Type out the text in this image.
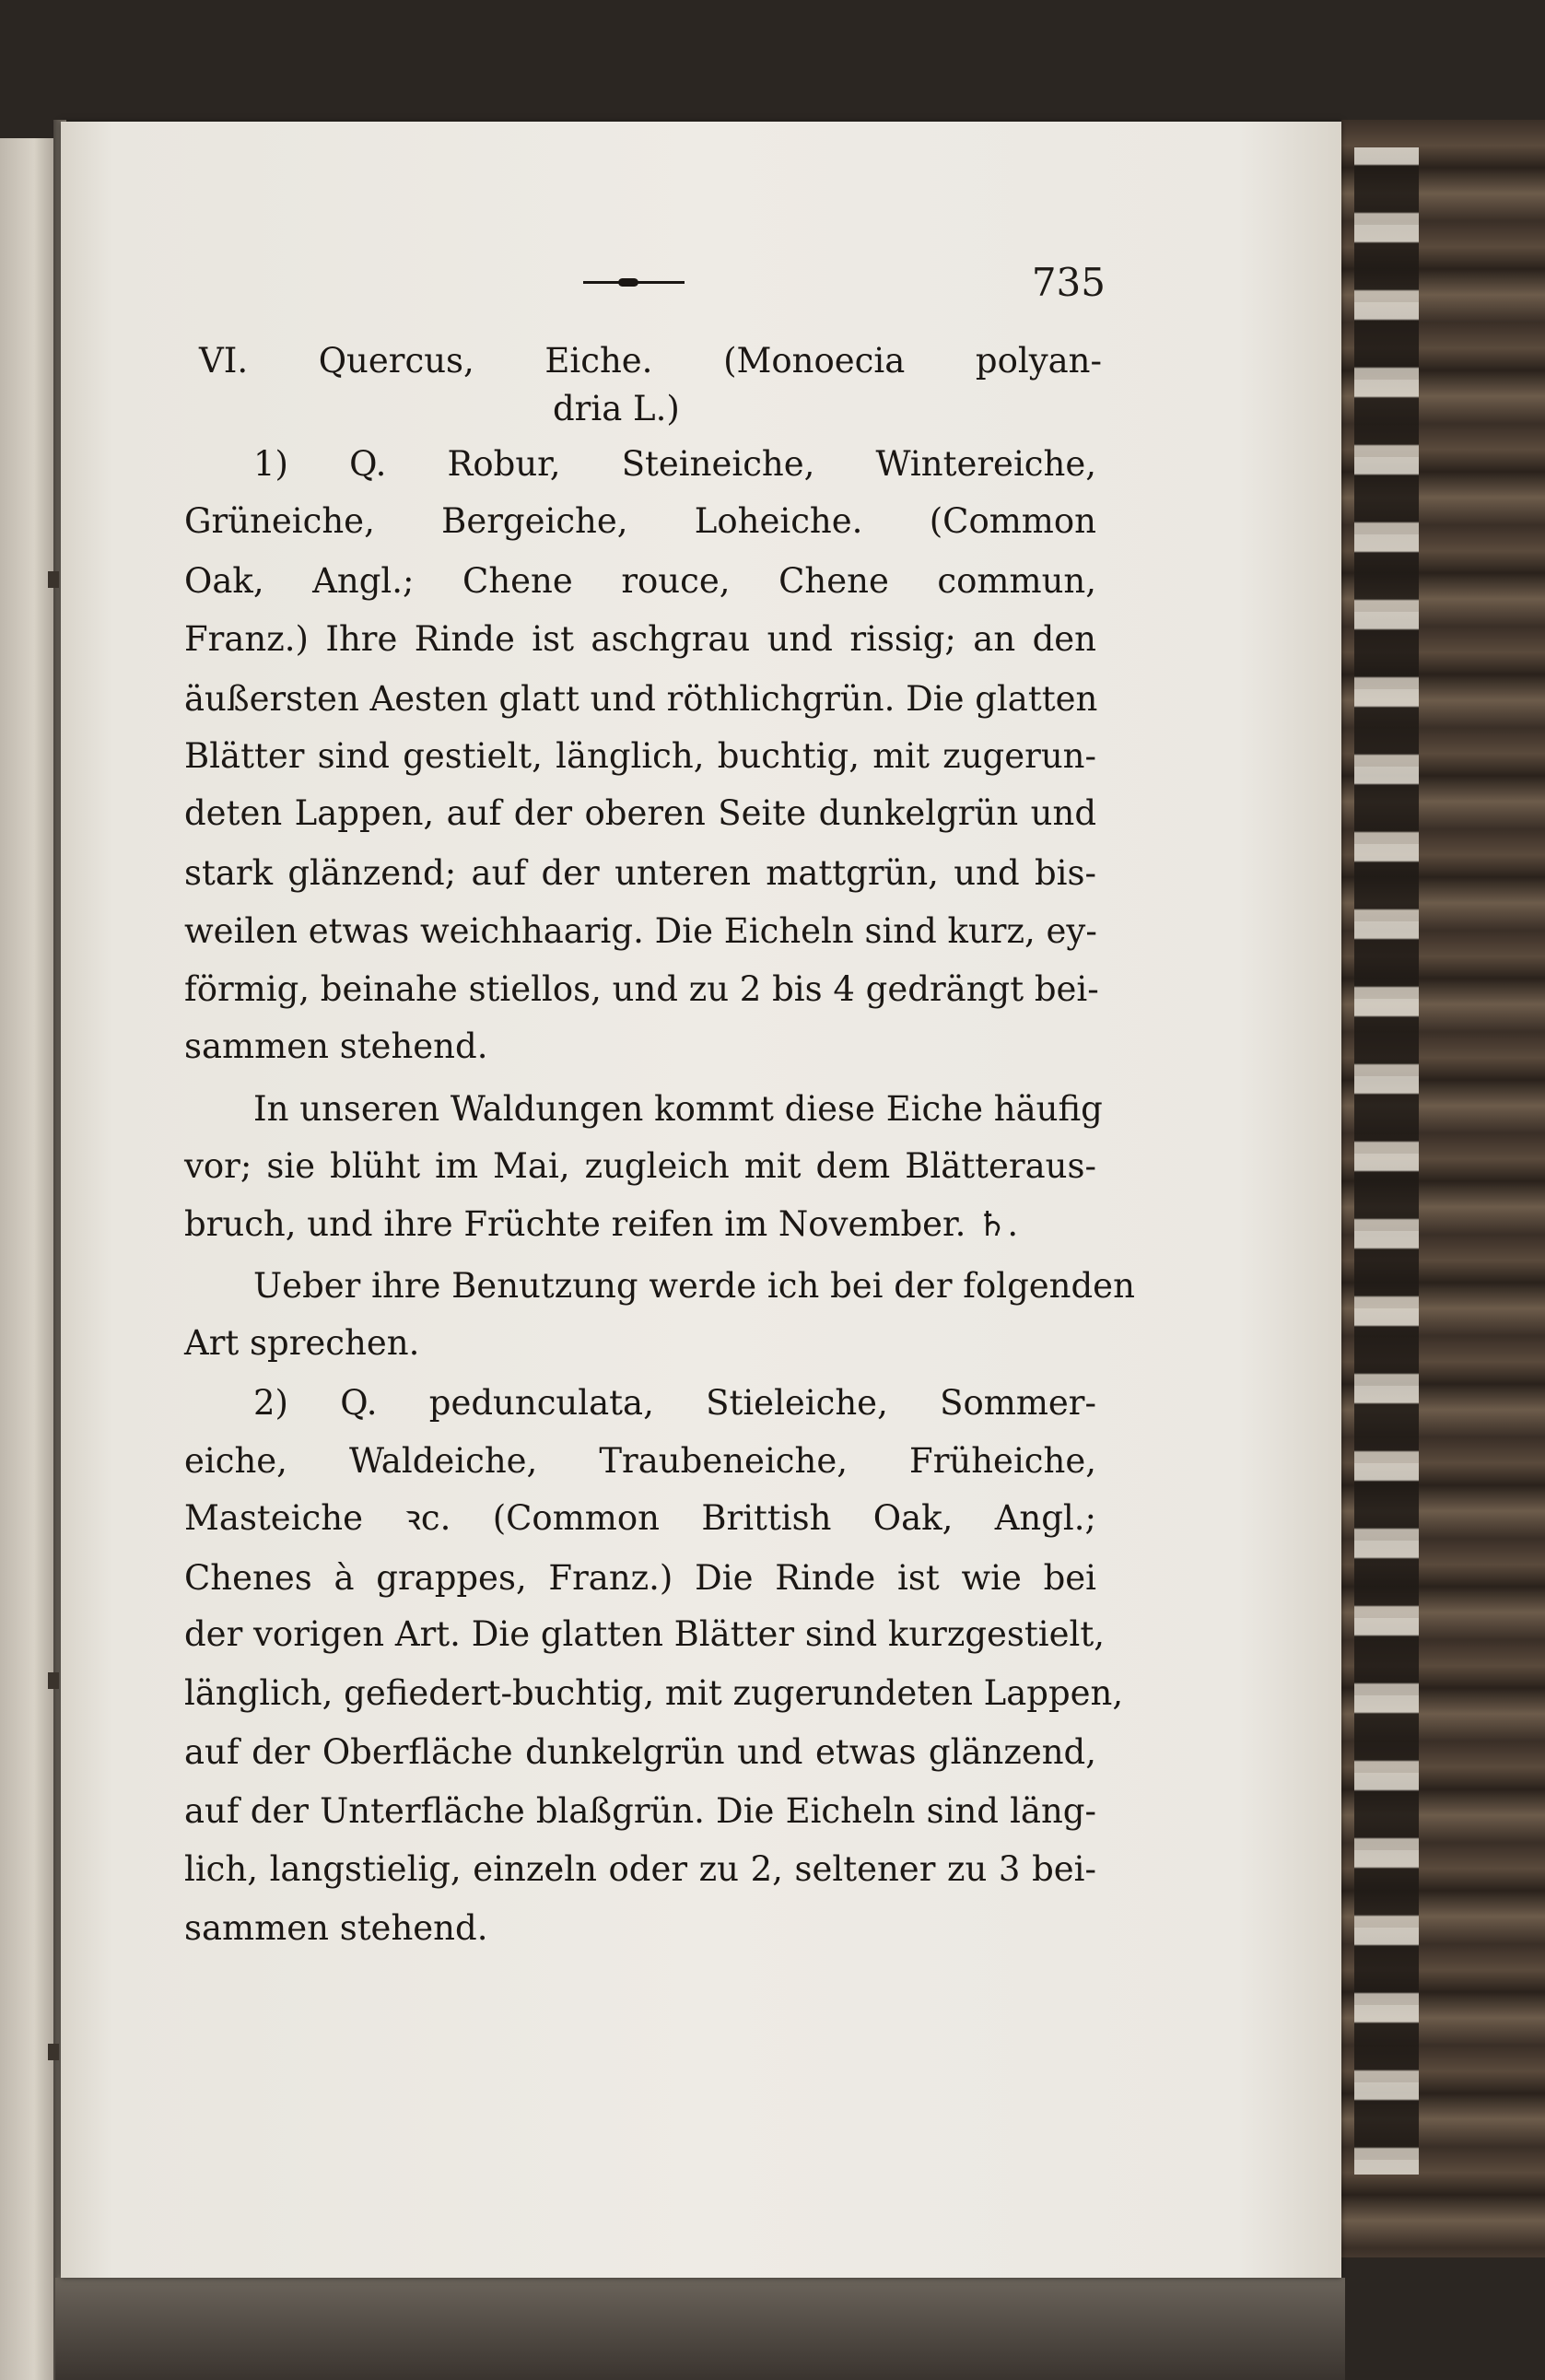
735
VI. Quercus, Eiche. (Monoecia polyan-
dria L.)
1) Q. Robur, Steineiche, Wintereiche,
Grüneiche, Bergeiche, Loheiche. (Common
Oak, Angl.; Chene rouce, Chene commun,
Franz.) Ihre Rinde ist aschgrau und rissig; an den
äußersten Aesten glatt und röthlichgrün. Die glatten
Blätter sind gestielt, länglich, buchtig, mit zugerun-
deten Lappen, auf der oberen Seite dunkelgrün und
stark glänzend; auf der unteren mattgrün, und bis-
weilen etwas weichhaarig. Die Eicheln sind kurz, ey-
förmig, beinahe stiellos, und zu 2 bis 4 gedrängt bei-
sammen stehend.
In unseren Waldungen kommt diese Eiche häufig
vor; sie blüht im Mai, zugleich mit dem Blätteraus-
bruch, und ihre Früchte reifen im November. ♄.
Ueber ihre Benutzung werde ich bei der folgenden
Art sprechen.
2) Q. pedunculata, Stieleiche, Sommer-
eiche, Waldeiche, Traubeneiche, Früheiche,
Masteiche ꝛc. (Common Brittish Oak, Angl.;
Chenes à grappes, Franz.) Die Rinde ist wie bei
der vorigen Art. Die glatten Blätter sind kurzgestielt,
länglich, gefiedert-buchtig, mit zugerundeten Lappen,
auf der Oberfläche dunkelgrün und etwas glänzend,
auf der Unterfläche blaßgrün. Die Eicheln sind läng-
lich, langstielig, einzeln oder zu 2, seltener zu 3 bei-
sammen stehend.
